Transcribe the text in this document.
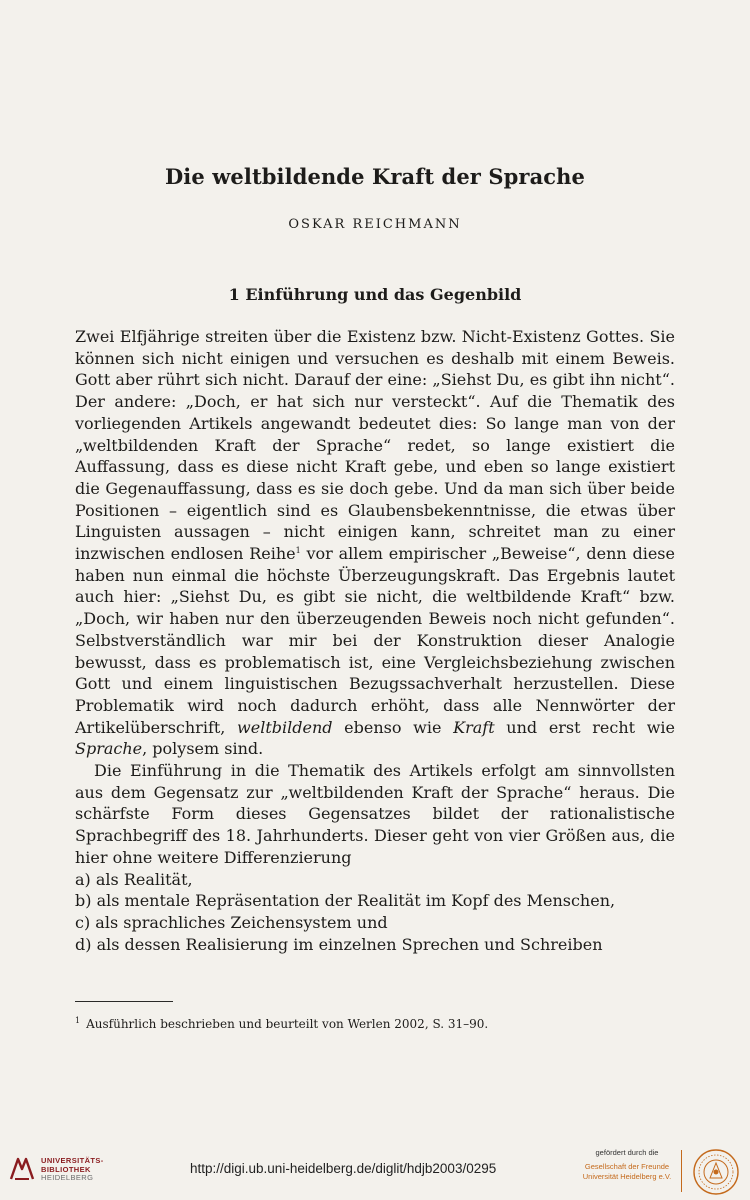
Die weltbildende Kraft der Sprache
OSKAR REICHMANN
1 Einführung und das Gegenbild

Zwei Elfjährige streiten über die Existenz bzw. Nicht-Existenz Gottes. Sie können sich nicht einigen und versuchen es deshalb mit einem Beweis. Gott aber rührt sich nicht. Darauf der eine: „Siehst Du, es gibt ihn nicht“. Der andere: „Doch, er hat sich nur versteckt“. Auf die Thematik des vorliegenden Artikels angewandt bedeutet dies: So lange man von der „weltbildenden Kraft der Sprache“ redet, so lange existiert die Auffassung, dass es diese nicht Kraft gebe, und eben so lange existiert die Gegenauffassung, dass es sie doch gebe. Und da man sich über beide Positionen – eigentlich sind es Glaubensbekenntnisse, die etwas über Linguisten aussagen – nicht einigen kann, schreitet man zu einer inzwischen endlosen Reihe$^1$ vor allem empirischer „Beweise“, denn diese haben nun einmal die höchste Überzeugungskraft. Das Ergebnis lautet auch hier: „Siehst Du, es gibt sie nicht, die weltbildende Kraft“ bzw. „Doch, wir haben nur den überzeugenden Beweis noch nicht gefunden“. Selbstverständlich war mir bei der Konstruktion dieser Analogie bewusst, dass es problematisch ist, eine Vergleichsbeziehung zwischen Gott und einem linguistischen Bezugssachverhalt herzustellen. Diese Problematik wird noch dadurch erhöht, dass alle Nennwörter der Artikelüberschrift, weltbildend ebenso wie Kraft und erst recht wie Sprache, polysem sind.

Die Einführung in die Thematik des Artikels erfolgt am sinnvollsten aus dem Gegensatz zur „weltbildenden Kraft der Sprache“ heraus. Die schärfste Form dieses Gegensatzes bildet der rationalistische Sprachbegriff des 18. Jahrhunderts. Dieser geht von vier Größen aus, die hier ohne weitere Differenzierung

a) als Realität,
b) als mentale Repräsentation der Realität im Kopf des Menschen,
c) als sprachliches Zeichensystem und
d) als dessen Realisierung im einzelnen Sprechen und Schreiben
$^1$ Ausführlich beschrieben und beurteilt von Werlen 2002, S. 31–90.
UNIVERSITÄTS-
BIBLIOTHEK
HEIDELBERG
http://digi.ub.uni-heidelberg.de/diglit/hdjb2003/0295
gefördert durch die
Gesellschaft der Freunde
Universität Heidelberg e.V.
